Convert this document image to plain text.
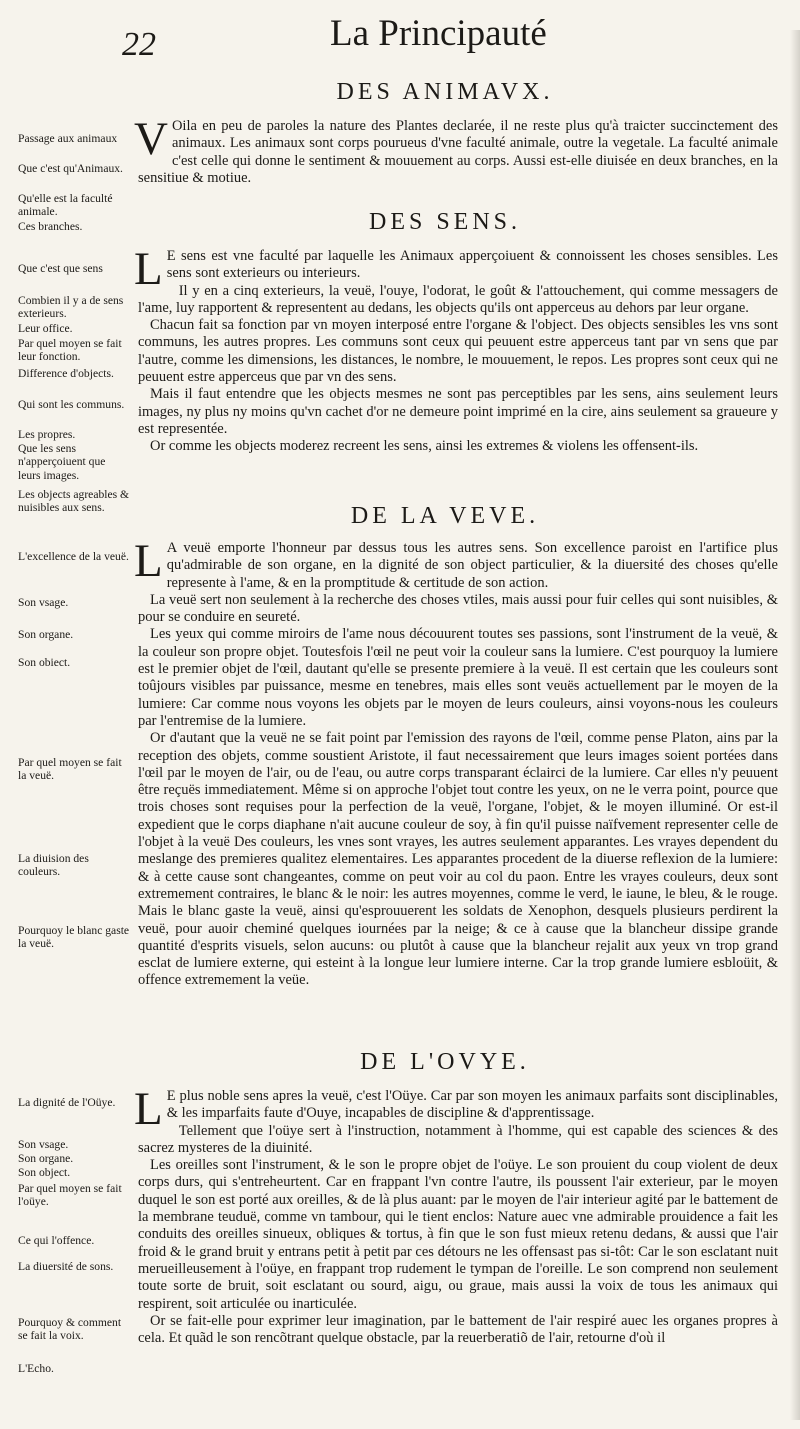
22	La Principauté
DES ANIMAVX.

V Oila en peu de paroles la nature des Plantes declarée, il ne reste plus qu'à traicter succinctement des animaux. Les animaux sont corps pourueus d'vne faculté animale, outre la vegetale. La faculté animale c'est celle qui donne le sentiment & mouuement au corps. Aussi est-elle diuisée en deux branches, en la sensitiue & motiue.

Passage aux animaux
Que c'est qu'Animaux.
Qu'elle est la faculté animale.
Ces branches.	DES SENS.

L E sens est vne faculté par laquelle les Animaux apperçoiuent & connoissent les choses sensibles. Les sens sont exterieurs ou interieurs.

Il y en a cinq exterieurs, la veuë, l'ouye, l'odorat, le goût & l'attouchement, qui comme messagers de l'ame, luy rapportent & representent au dedans, les objects qu'ils ont apperceus au dehors par leur organe.

Chacun fait sa fonction par vn moyen interposé entre l'organe & l'object. Des objects sensibles les vns sont communs, les autres propres. Les communs sont ceux qui peuuent estre apperceus tant par vn sens que par l'autre, comme les dimensions, les distances, le nombre, le mouuement, le repos. Les propres sont ceux qui ne peuuent estre apperceus que par vn des sens.

Mais il faut entendre que les objects mesmes ne sont pas perceptibles par les sens, ains seulement leurs images, ny plus ny moins qu'vn cachet d'or ne demeure point imprimé en la cire, ains seulement sa graueure y est representée.

Or comme les objects moderez recreent les sens, ainsi les extremes & violens les offensent-ils.

Que c'est que sens
Combien il y a de sens exterieurs.
Leur office.
Par quel moyen se fait leur fonction.
Difference d'objects.
Qui sont les communs.
Les propres.
Que les sens n'apperçoiuent que leurs images.
Les objects agreables & nuisibles aux sens.	DE LA VEVE.

L A veuë emporte l'honneur par dessus tous les autres sens. Son excellence paroist en l'artifice plus qu'admirable de son organe, en la dignité de son object particulier, & la diuersité des choses qu'elle represente à l'ame, & en la promptitude & certitude de son action.

La veuë sert non seulement à la recherche des choses vtiles, mais aussi pour fuir celles qui sont nuisibles, & pour se conduire en seureté.

Les yeux qui comme miroirs de l'ame nous découurent toutes ses passions, sont l'instrument de la veuë, & la couleur son propre objet. Toutesfois l'œil ne peut voir la couleur sans la lumiere. C'est pourquoy la lumiere est le premier objet de l'œil, dautant qu'elle se presente premiere à la veuë. Il est certain que les couleurs sont toûjours visibles par puissance, mesme en tenebres, mais elles sont veuës actuellement par le moyen de la lumiere: Car comme nous voyons les objets par le moyen de leurs couleurs, ainsi voyons-nous les couleurs par l'entremise de la lumiere.

Or d'autant que la veuë ne se fait point par l'emission des rayons de l'œil, comme pense Platon, ains par la reception des objets, comme soustient Aristote, il faut necessairement que leurs images soient portées dans l'œil par le moyen de l'air, ou de l'eau, ou autre corps transparant éclairci de la lumiere. Car elles n'y peuuent être reçuës immediatement. Même si on approche l'objet tout contre les yeux, on ne le verra point, pource que trois choses sont requises pour la perfection de la veuë, l'organe, l'objet, & le moyen illuminé. Or est-il expedient que le corps diaphane n'ait aucune couleur de soy, à fin qu'il puisse naïfvement representer celle de l'objet à la veuë Des couleurs, les vnes sont vrayes, les autres seulement apparantes. Les vrayes dependent du meslange des premieres qualitez elementaires. Les apparantes procedent de la diuerse reflexion de la lumiere: & à cette cause sont changeantes, comme on peut voir au col du paon. Entre les vrayes couleurs, deux sont extremement contraires, le blanc & le noir: les autres moyennes, comme le verd, le iaune, le bleu, & le rouge. Mais le blanc gaste la veuë, ainsi qu'esprouuerent les soldats de Xenophon, desquels plusieurs perdirent la veuë, pour auoir cheminé quelques iournées par la neige; & ce à cause que la blancheur dissipe grande quantité d'esprits visuels, selon aucuns: ou plutôt à cause que la blancheur rejalit aux yeux vn trop grand esclat de lumiere externe, qui esteint à la longue leur lumiere interne. Car la trop grande lumiere esbloüit, & offence extremement la veüe.

L'excellence de la veuë.
Son vsage.
Son organe.
Son obiect.
Par quel moyen se fait la veuë.
La diuision des couleurs.
Pourquoy le blanc gaste la veuë.
DE L'OVYE.

L E plus noble sens apres la veuë, c'est l'Oüye. Car par son moyen les animaux parfaits sont disciplinables, & les imparfaits faute d'Ouye, incapables de discipline & d'apprentissage.

Tellement que l'oüye sert à l'instruction, notamment à l'homme, qui est capable des sciences & des sacrez mysteres de la diuinité.

Les oreilles sont l'instrument, & le son le propre objet de l'oüye. Le son prouient du coup violent de deux corps durs, qui s'entreheurtent. Car en frappant l'vn contre l'autre, ils poussent l'air exterieur, par le moyen duquel le son est porté aux oreilles, & de là plus auant: par le moyen de l'air interieur agité par le battement de la membrane teuduë, comme vn tambour, qui le tient enclos: Nature auec vne admirable prouidence a fait les conduits des oreilles sinueux, obliques & tortus, à fin que le son fust mieux retenu dedans, & aussi que l'air froid & le grand bruit y entrans petit à petit par ces détours ne les offensast pas si-tôt: Car le son esclatant nuit merueilleusement à l'oüye, en frappant trop rudement le tympan de l'oreille. Le son comprend non seulement toute sorte de bruit, soit esclatant ou sourd, aigu, ou graue, mais aussi la voix de tous les animaux qui respirent, soit articulée ou inarticulée.

Or se fait-elle pour exprimer leur imagination, par le battement de l'air respiré auec les organes propres à cela. Et quãd le son rencõtrant quelque obstacle, par la reuerberatiõ de l'air, retourne d'où il

La dignité de l'Oüye.
Son vsage.
Son organe.
Son object.
Par quel moyen se fait l'oüye.
Ce qui l'offence.
La diuersité de sons.
Pourquoy & comment se fait la voix.
L'Echo.
